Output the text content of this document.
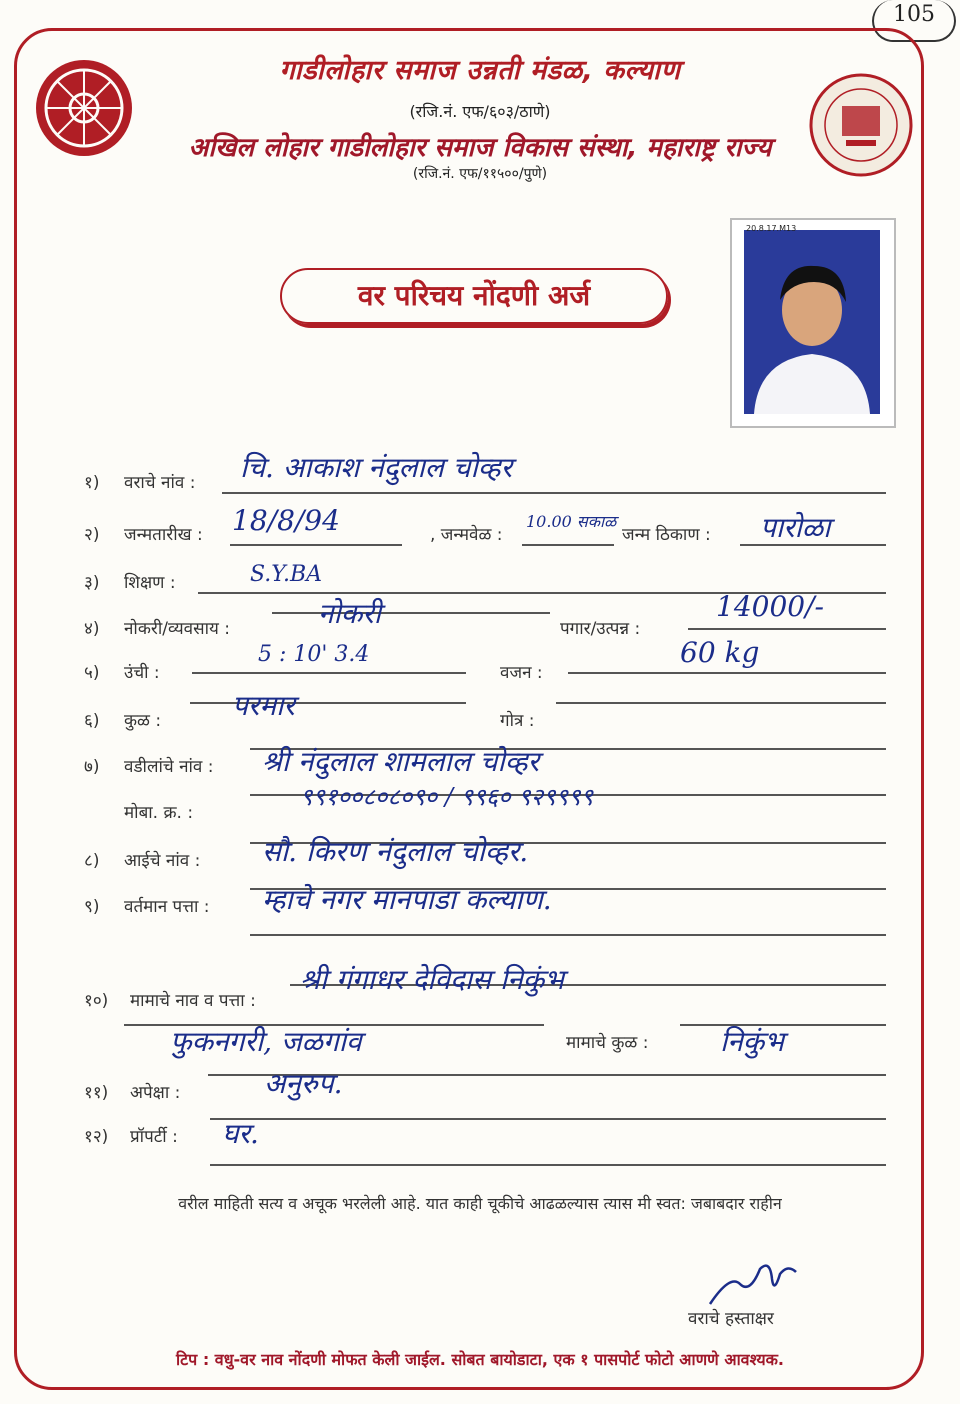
105
गाडीलोहार समाज उन्नती मंडळ, कल्याण
(रजि.नं. एफ/६०३/ठाणे)
अखिल लोहार गाडीलोहार समाज विकास संस्था, महाराष्ट्र राज्य
(रजि.नं. एफ/११५००/पुणे)
वर परिचय नोंदणी अर्ज
20.8.17.M13
१) वराचे नांव : चि. आकाश नंदुलाल चोव्हर
२) जन्मतारीख : 18/8/94	, जन्मवेळ :
10.00 सकाळ
जन्म ठिकाण : पारोळा
३) शिक्षण :	S.Y.BA
४) नोकरी/व्यवसाय :	नोकरी	पगार/उत्पन्न :
14000/-
५) उंची :
5 : 10' 3.4
वजन :
60 kg
६) कुळ :	परमार	गोत्र :
७) वडीलांचे नांव : श्री नंदुलाल शामलाल चोव्हर
मोबा. क्र. :
९९१००८०८०९० / ९९६० ९२९९९९
८) आईचे नांव : सौ. किरण नंदुलाल चोव्हर.
९) वर्तमान पत्ता : म्हाचे नगर मानपाडा कल्याण.
१०) मामाचे नाव व पत्ता :
श्री गंगाधर देविदास निकुंभ
फुकनगरी, जळगांव	मामाचे कुळ :	निकुंभ
११) अपेक्षा :	अनुरुप.
१२) प्रॉपर्टी : घर.
वरील माहिती सत्य व अचूक भरलेली आहे. यात काही चूकीचे आढळल्यास त्यास मी स्वत: जबाबदार राहीन
वराचे हस्ताक्षर
टिप : वधु-वर नाव नोंदणी मोफत केली जाईल. सोबत बायोडाटा, एक १ पासपोर्ट फोटो आणणे आवश्यक.
